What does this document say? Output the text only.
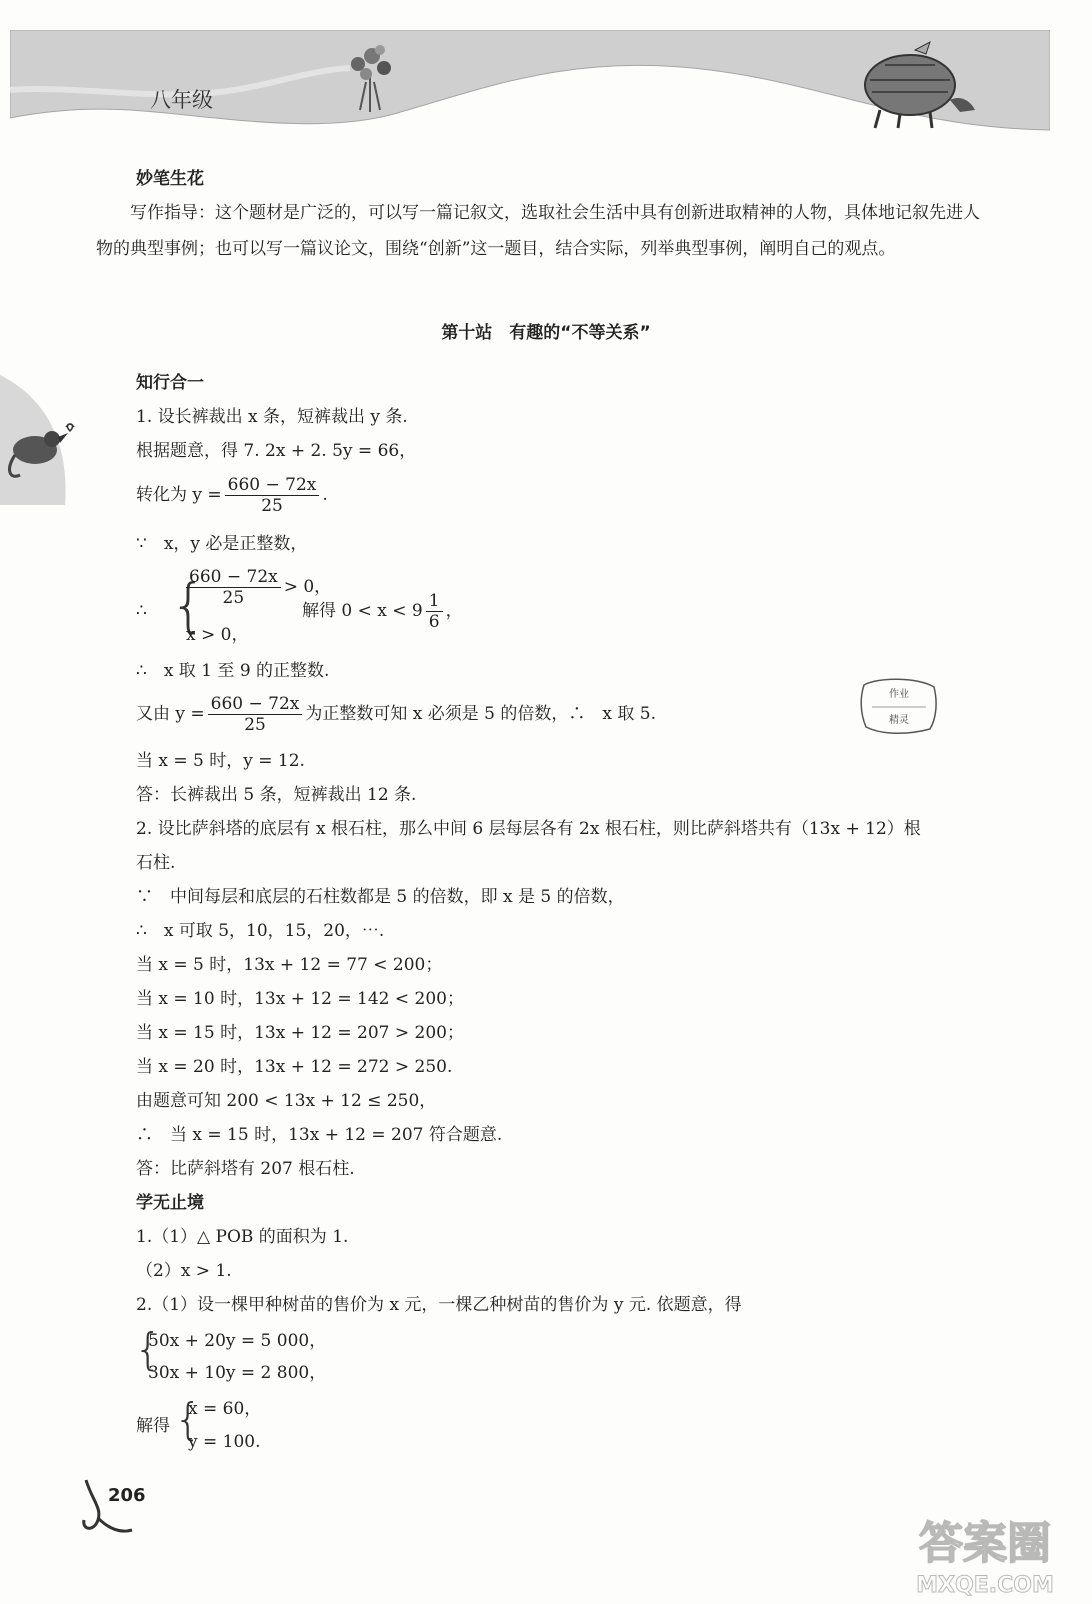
八年级
妙笔生花
写作指导：这个题材是广泛的，可以写一篇记叙文，选取社会生活中具有创新进取精神的人物，具体地记叙先进人物的典型事例；也可以写一篇议论文，围绕“创新”这一题目，结合实际，列举典型事例，阐明自己的观点。
第十站　有趣的“不等关系”
知行合一
1. 设长裤裁出 x 条，短裤裁出 y 条.
根据题意，得 7. 2x + 2. 5y = 66，
转化为 $y = \frac{660 - 72x}{25}$ .
∵　x，y 必是正整数，
∴ {
$\frac{660 - 72x}{25} > 0$，
x > 0，
解得 $0 < x < 9 \frac{1}{6}$ ，
∴　x 取 1 至 9 的正整数.
又由 $y = \frac{660 - 72x}{25}$ 为正整数可知 x 必须是 5 的倍数，∴　x 取 5.
当 x = 5 时，y = 12.
答：长裤裁出 5 条，短裤裁出 12 条.
2. 设比萨斜塔的底层有 x 根石柱，那么中间 6 层每层各有 2x 根石柱，则比萨斜塔共有（13x + 12）根
石柱.
∵　中间每层和底层的石柱数都是 5 的倍数，即 x 是 5 的倍数，
∴　x 可取 5，10，15，20，⋯.
当 x = 5 时，13x + 12 = 77 < 200；
当 x = 10 时，13x + 12 = 142 < 200；
当 x = 15 时，13x + 12 = 207 > 200；
当 x = 20 时，13x + 12 = 272 > 250.
由题意可知 200 < 13x + 12 ≤ 250，
∴　当 x = 15 时，13x + 12 = 207 符合题意.
答：比萨斜塔有 207 根石柱.
学无止境
1.（1）△ POB 的面积为 1.
（2）x > 1.
2.（1）设一棵甲种树苗的售价为 x 元，一棵乙种树苗的售价为 y 元. 依题意，得
{
50x + 20y = 5 000，
30x + 10y = 2 800，
解得 {
x = 60，
y = 100.
作业
精灵
206
答案圈
MXQE.COM
